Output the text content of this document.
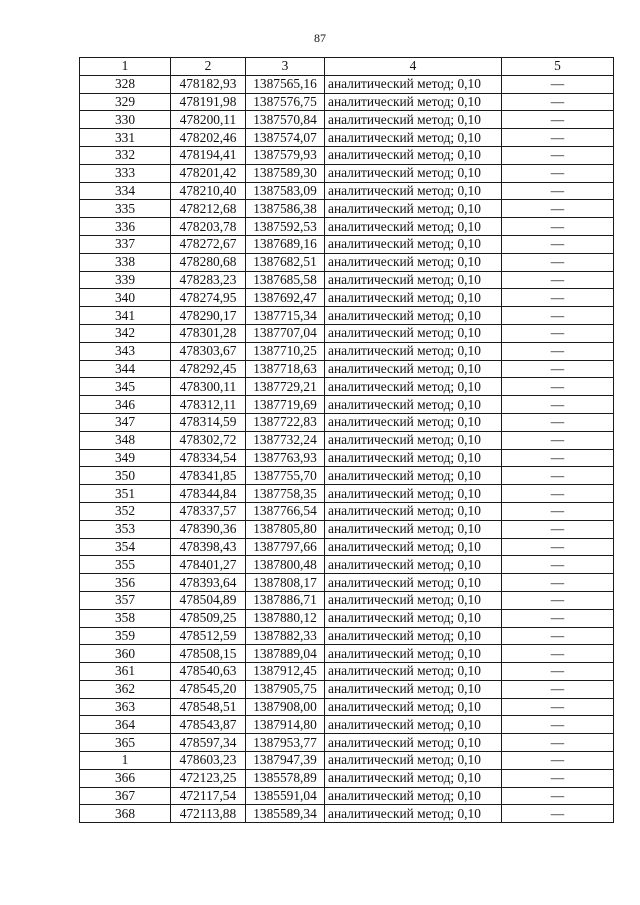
87
1	2	3	4	5
328	478182,93	1387565,16	аналитический метод; 0,10	—
329	478191,98	1387576,75	аналитический метод; 0,10	—
330	478200,11	1387570,84	аналитический метод; 0,10	—
331	478202,46	1387574,07	аналитический метод; 0,10	—
332	478194,41	1387579,93	аналитический метод; 0,10	—
333	478201,42	1387589,30	аналитический метод; 0,10	—
334	478210,40	1387583,09	аналитический метод; 0,10	—
335	478212,68	1387586,38	аналитический метод; 0,10	—
336	478203,78	1387592,53	аналитический метод; 0,10	—
337	478272,67	1387689,16	аналитический метод; 0,10	—
338	478280,68	1387682,51	аналитический метод; 0,10	—
339	478283,23	1387685,58	аналитический метод; 0,10	—
340	478274,95	1387692,47	аналитический метод; 0,10	—
341	478290,17	1387715,34	аналитический метод; 0,10	—
342	478301,28	1387707,04	аналитический метод; 0,10	—
343	478303,67	1387710,25	аналитический метод; 0,10	—
344	478292,45	1387718,63	аналитический метод; 0,10	—
345	478300,11	1387729,21	аналитический метод; 0,10	—
346	478312,11	1387719,69	аналитический метод; 0,10	—
347	478314,59	1387722,83	аналитический метод; 0,10	—
348	478302,72	1387732,24	аналитический метод; 0,10	—
349	478334,54	1387763,93	аналитический метод; 0,10	—
350	478341,85	1387755,70	аналитический метод; 0,10	—
351	478344,84	1387758,35	аналитический метод; 0,10	—
352	478337,57	1387766,54	аналитический метод; 0,10	—
353	478390,36	1387805,80	аналитический метод; 0,10	—
354	478398,43	1387797,66	аналитический метод; 0,10	—
355	478401,27	1387800,48	аналитический метод; 0,10	—
356	478393,64	1387808,17	аналитический метод; 0,10	—
357	478504,89	1387886,71	аналитический метод; 0,10	—
358	478509,25	1387880,12	аналитический метод; 0,10	—
359	478512,59	1387882,33	аналитический метод; 0,10	—
360	478508,15	1387889,04	аналитический метод; 0,10	—
361	478540,63	1387912,45	аналитический метод; 0,10	—
362	478545,20	1387905,75	аналитический метод; 0,10	—
363	478548,51	1387908,00	аналитический метод; 0,10	—
364	478543,87	1387914,80	аналитический метод; 0,10	—
365	478597,34	1387953,77	аналитический метод; 0,10	—
1	478603,23	1387947,39	аналитический метод; 0,10	—
366	472123,25	1385578,89	аналитический метод; 0,10	—
367	472117,54	1385591,04	аналитический метод; 0,10	—
368	472113,88	1385589,34	аналитический метод; 0,10	—
